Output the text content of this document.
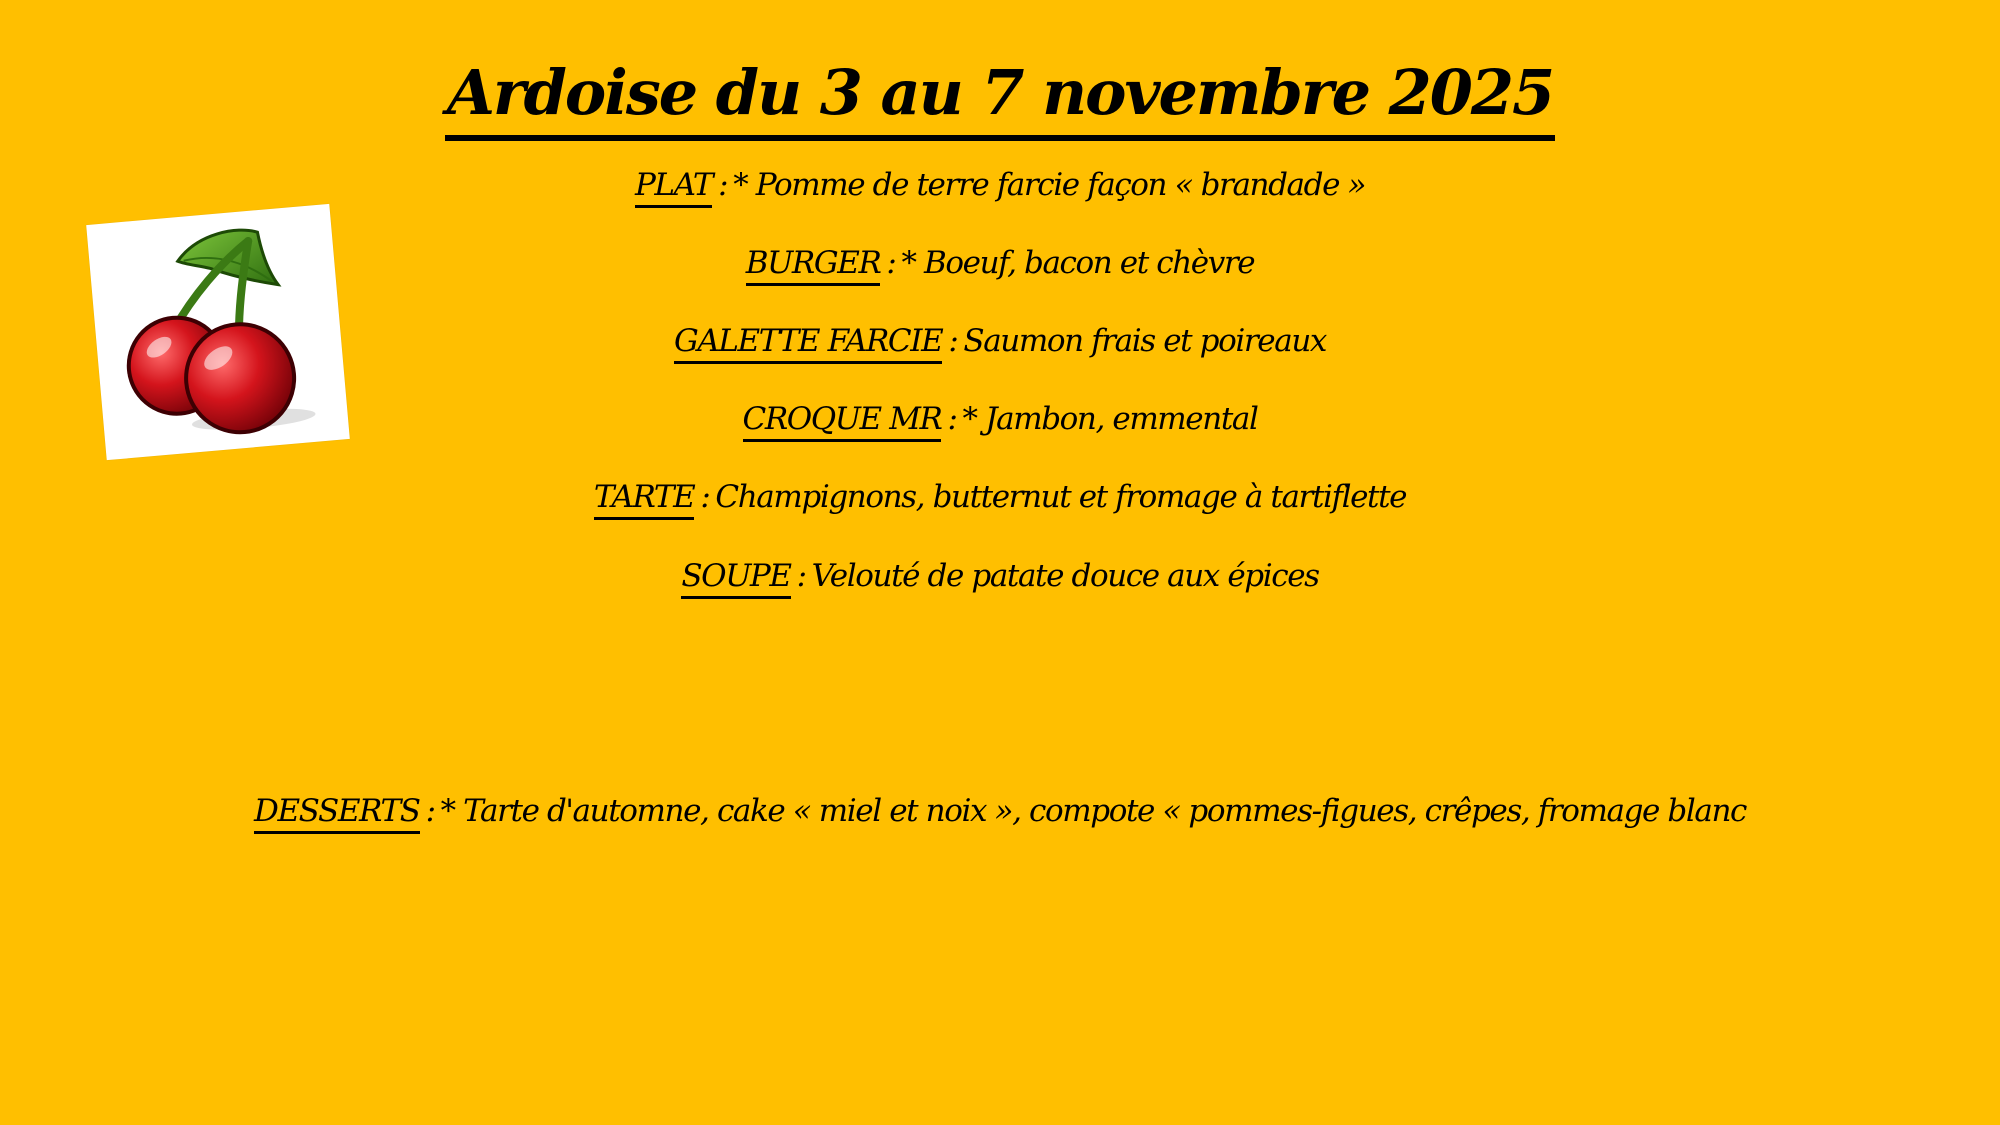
Ardoise du 3 au 7 novembre 2025
PLAT : * Pomme de terre farcie façon « brandade »
BURGER : * Boeuf, bacon et chèvre
GALETTE FARCIE : Saumon frais et poireaux
CROQUE MR : * Jambon, emmental
TARTE : Champignons, butternut et fromage à tartiflette
SOUPE : Velouté de patate douce aux épices
DESSERTS : * Tarte d'automne, cake « miel et noix », compote « pommes-figues, crêpes, fromage blanc
